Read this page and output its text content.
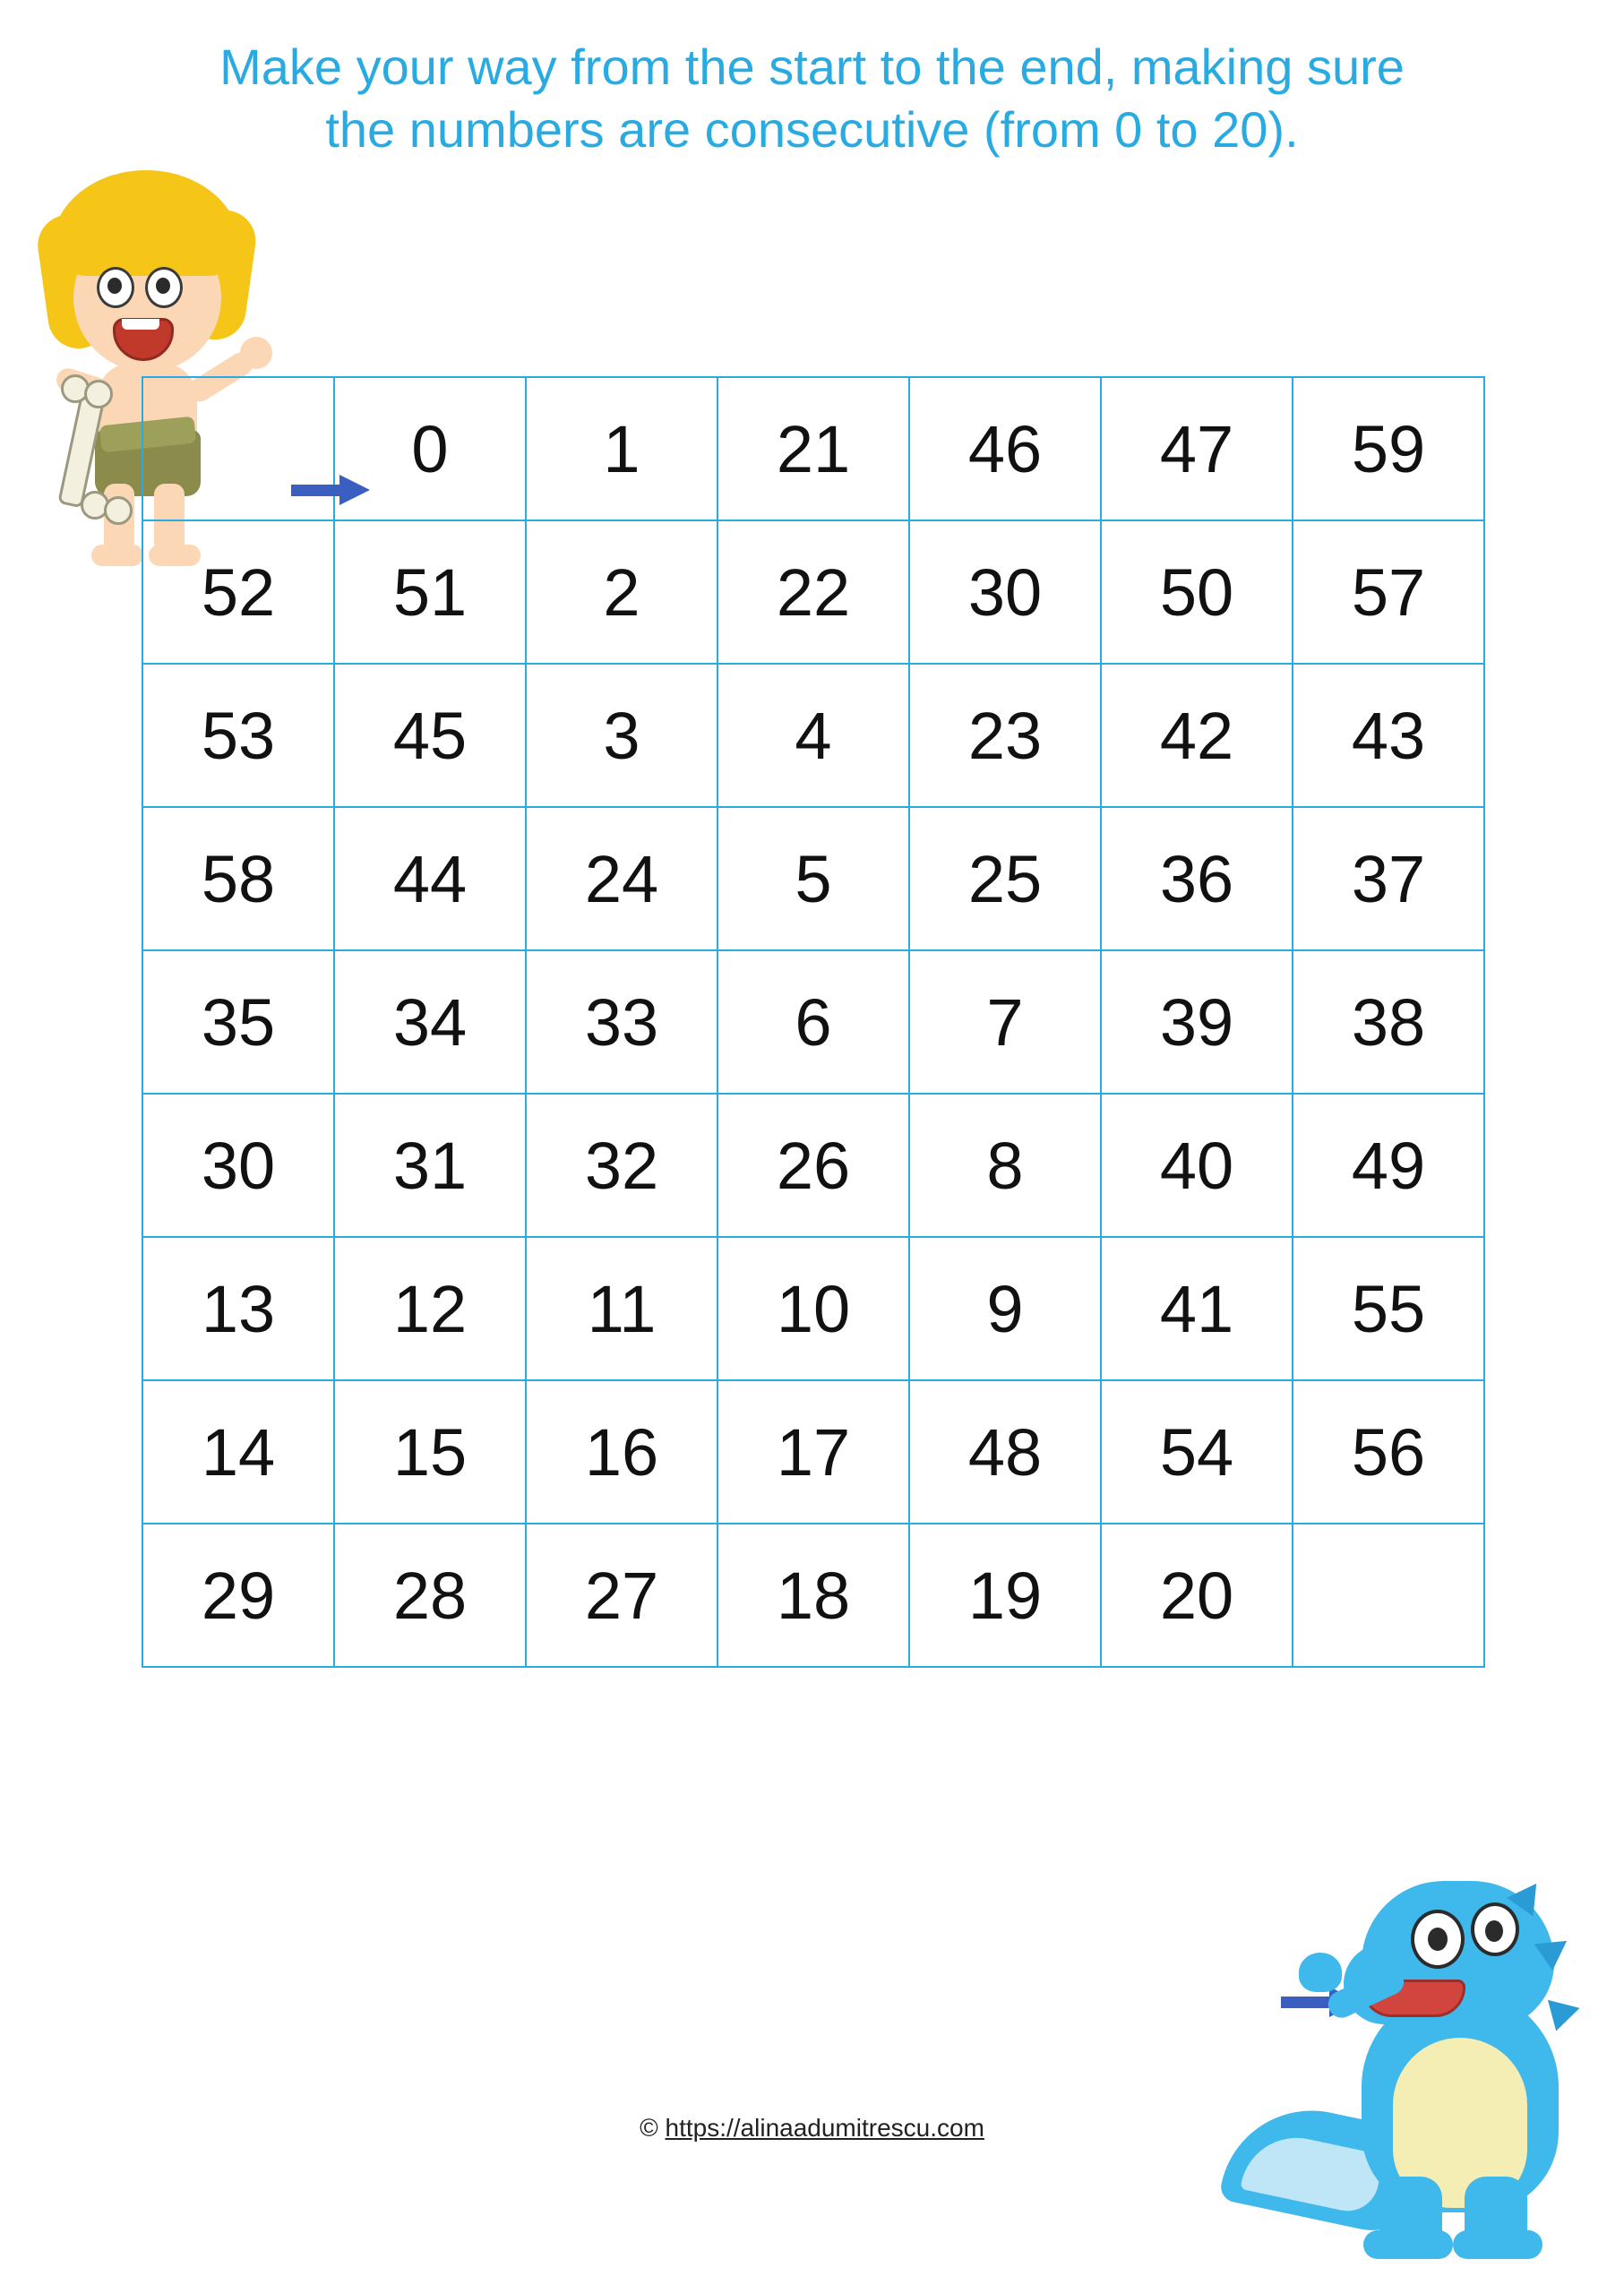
Make your way from the start to the end, making sure
the numbers are consecutive (from 0 to 20).
	0	1	21	46	47	59
52	51	2	22	30	50	57
53	45	3	4	23	42	43
58	44	24	5	25	36	37
35	34	33	6	7	39	38
30	31	32	26	8	40	49
13	12	11	10	9	41	55
14	15	16	17	48	54	56
29	28	27	18	19	20	
© https://alinaadumitrescu.com
